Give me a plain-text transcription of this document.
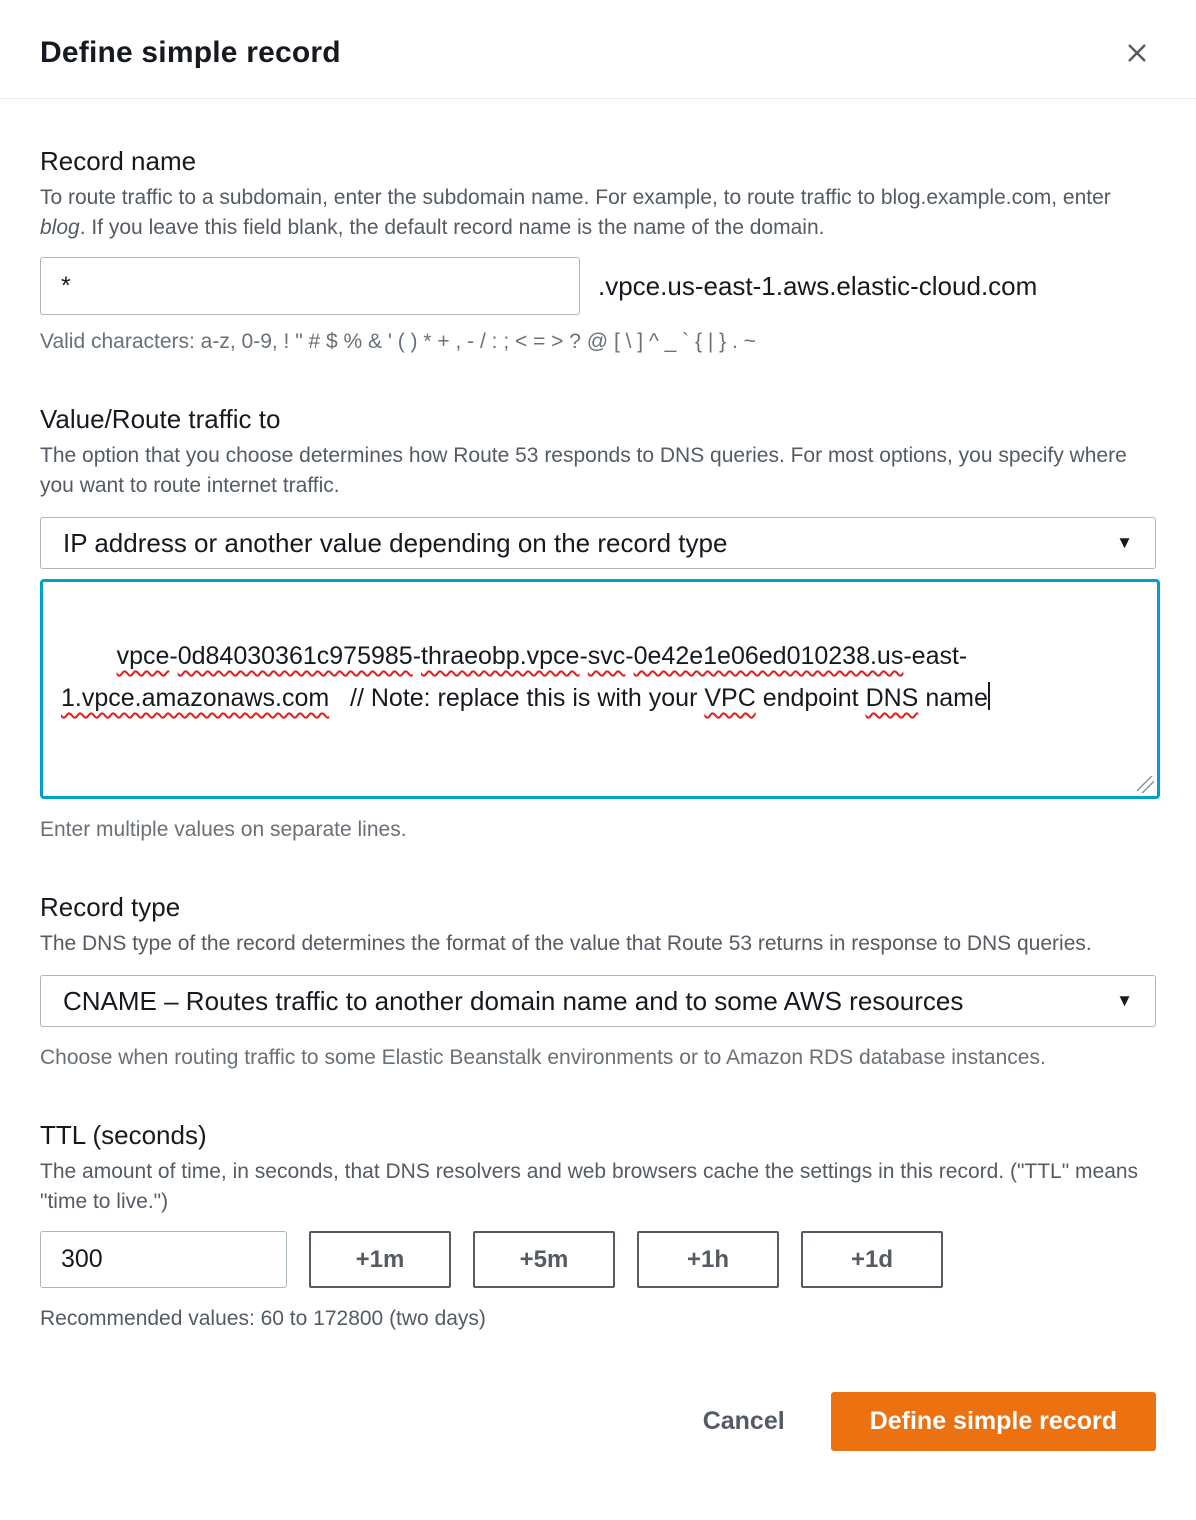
Define simple record
Record name
To route traffic to a subdomain, enter the subdomain name. For example, to route traffic to blog.example.com, enter blog. If you leave this field blank, the default record name is the name of the domain.
*
.vpce.us-east-1.aws.elastic-cloud.com
Valid characters: a-z, 0-9, ! " # $ % & ' ( ) * + , - / : ; < = > ? @ [ \ ] ^ _ ` { | } . ~
Value/Route traffic to
The option that you choose determines how Route 53 responds to DNS queries. For most options, you specify where you want to route internet traffic.
IP address or another value depending on the record type	▼

vpce-0d84030361c975985-thraeobp.vpce-svc-0e42e1e06ed010238.us-east-1.vpce.amazonaws.com   // Note: replace this is with your VPC endpoint DNS name

Enter multiple values on separate lines.
Record type
The DNS type of the record determines the format of the value that Route 53 returns in response to DNS queries.
CNAME – Routes traffic to another domain name and to some AWS resources	▼
Choose when routing traffic to some Elastic Beanstalk environments or to Amazon RDS database instances.
TTL (seconds)
The amount of time, in seconds, that DNS resolvers and web browsers cache the settings in this record. ("TTL" means "time to live.")
300
+1m	+5m	+1h	+1d
Recommended values: 60 to 172800 (two days)
Cancel	Define simple record
